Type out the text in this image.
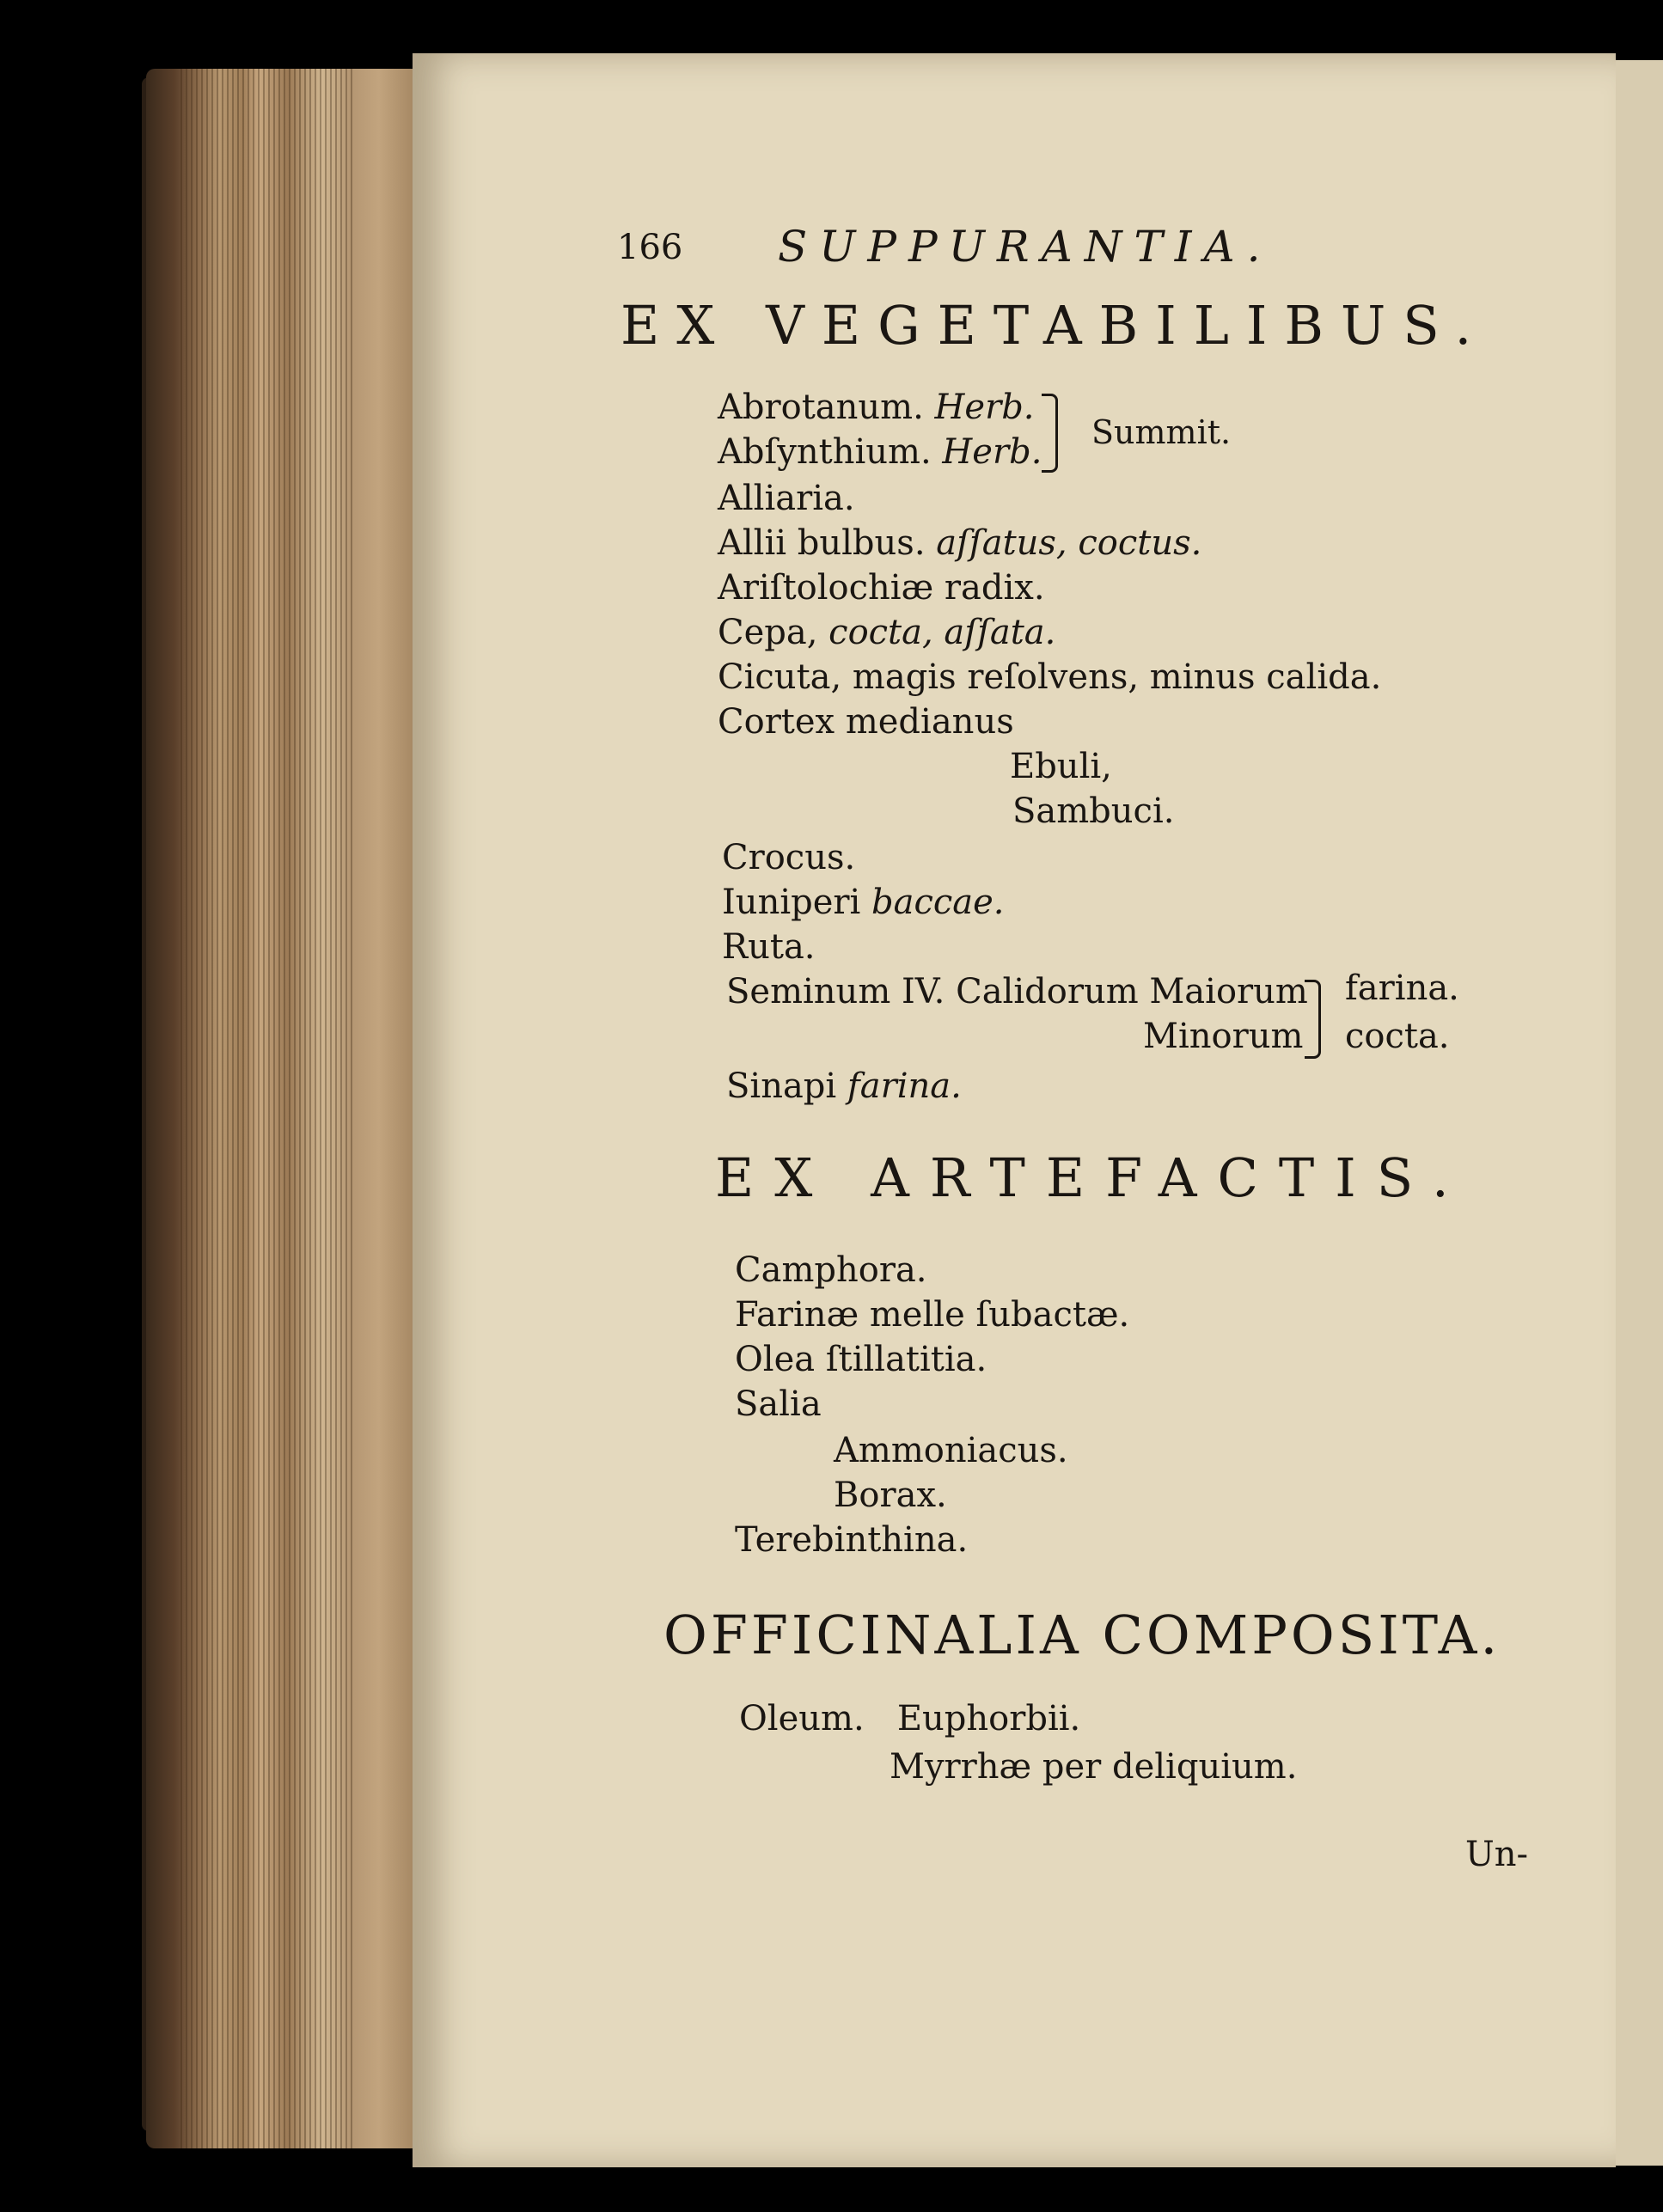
166 SUPPURANTIA.
EX VEGETABILIBUS.
Abrotanum. Herb.
Abſynthium. Herb. Summit.
Alliaria.
Allii bulbus. aſſatus, coctus.
Ariſtolochiæ radix.
Cepa, cocta, aſſata.
Cicuta, magis reſolvens, minus calida.
Cortex medianus
Ebuli,
Sambuci.
Crocus.
Iuniperi baccae.
Ruta.
Seminum IV. Calidorum Maiorum
Minorum
farina.
cocta.
Sinapi farina.
EX ARTEFACTIS.
Camphora.
Farinæ melle ſubactæ.
Olea ſtillatitia.
Salia
Ammoniacus.
Borax.
Terebinthina.
OFFICINALIA COMPOSITA.
Oleum. Euphorbii.
Myrrhæ per deliquium.
Un-
